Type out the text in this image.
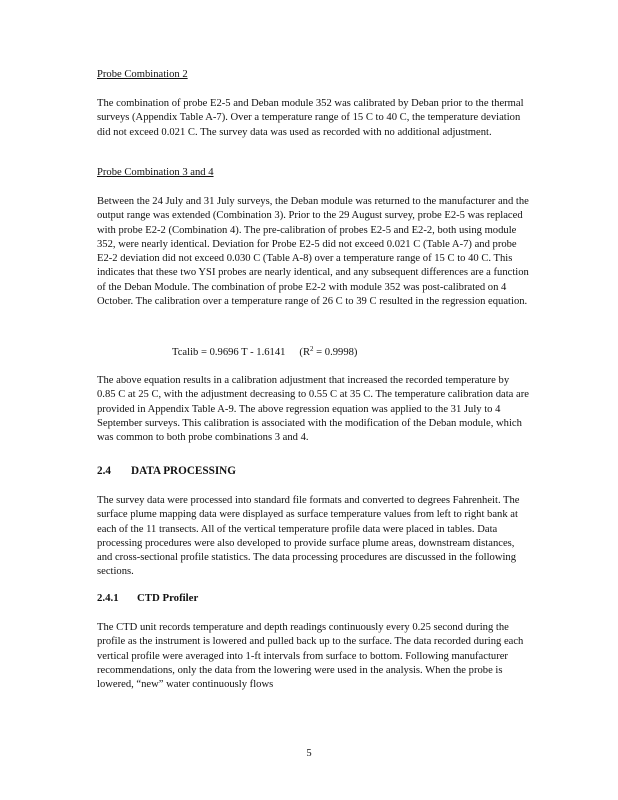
Probe Combination 2

The combination of probe E2-5 and Deban module 352 was calibrated by Deban prior to the thermal surveys (Appendix Table A-7). Over a temperature range of 15 C to 40 C, the temperature deviation did not exceed 0.021 C. The survey data was used as recorded with no additional adjustment.

Probe Combination 3 and 4

Between the 24 July and 31 July surveys, the Deban module was returned to the manufacturer and the output range was extended (Combination 3). Prior to the 29 August survey, probe E2-5 was replaced with probe E2-2 (Combination 4). The pre-calibration of probes E2-5 and E2-2, both using module 352, were nearly identical. Deviation for Probe E2-5 did not exceed 0.021 C (Table A-7) and probe E2-2 deviation did not exceed 0.030 C (Table A-8) over a temperature range of 15 C to 40 C. This indicates that these two YSI probes are nearly identical, and any subsequent differences are a function of the Deban Module. The combination of probe E2-2 with module 352 was post-calibrated on 4 October. The calibration over a temperature range of 26 C to 39 C resulted in the regression equation.

Tcalib = 0.9696 T - 1.6141 $(R^2 = 0.9998)$

The above equation results in a calibration adjustment that increased the recorded temperature by 0.85 C at 25 C, with the adjustment decreasing to 0.55 C at 35 C. The temperature calibration data are provided in Appendix Table A-9. The above regression equation was applied to the 31 July to 4 September surveys. This calibration is associated with the modification of the Deban module, which was common to both probe combinations 3 and 4.

2.4 DATA PROCESSING

The survey data were processed into standard file formats and converted to degrees Fahrenheit. The surface plume mapping data were displayed as surface temperature values from left to right bank at each of the 11 transects. All of the vertical temperature profile data were placed in tables. Data processing procedures were also developed to provide surface plume areas, downstream distances, and cross-sectional profile statistics. The data processing procedures are discussed in the following sections.

2.4.1 CTD Profiler

The CTD unit records temperature and depth readings continuously every 0.25 second during the profile as the instrument is lowered and pulled back up to the surface. The data recorded during each vertical profile were averaged into 1-ft intervals from surface to bottom. Following manufacturer recommendations, only the data from the lowering were used in the analysis. When the probe is lowered, “new” water continuously flows

5
